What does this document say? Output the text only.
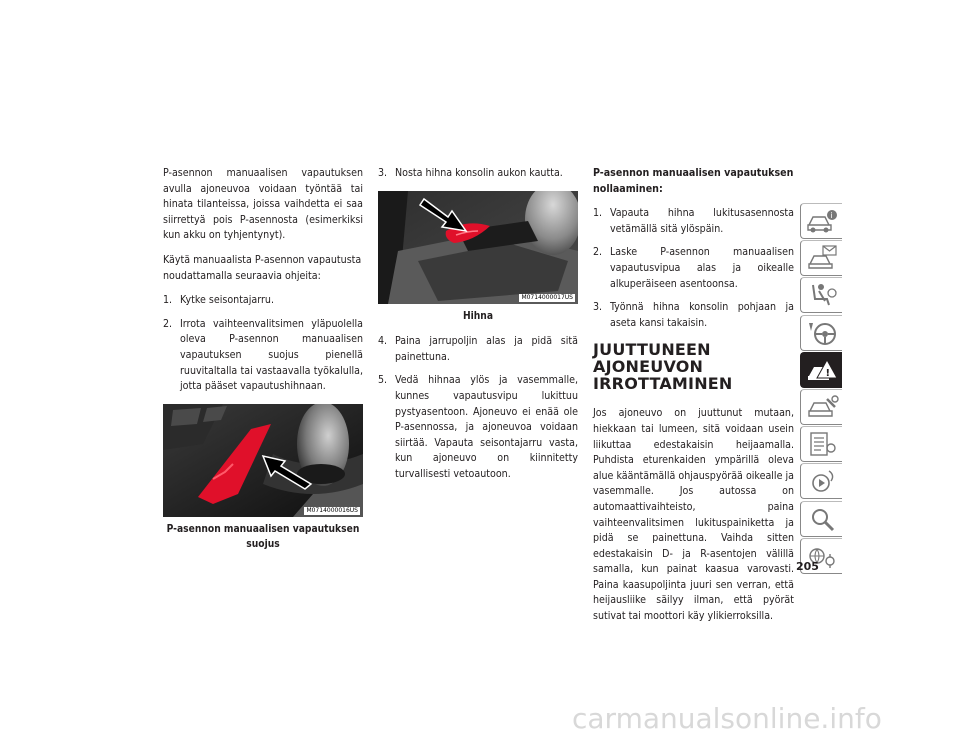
P-asennon manuaalisen vapautuksen avulla ajoneuvoa voidaan työntää tai hinata tilanteissa, joissa vaihdetta ei saa siirrettyä pois P-asennosta (esimerkiksi kun akku on tyhjentynyt).

Käytä manuaalista P-asennon vapautusta noudattamalla seuraavia ohjeita:

1. Kytke seisontajarru.
2. Irrota vaihteenvalitsimen yläpuolella oleva P-asennon manuaalisen vapautuksen suojus pienellä ruuvitaltalla tai vastaavalla työkalulla, jotta pääset vapautushihnaan.
M0714000016US
P-asennon manuaalisen vapautuksen suojus
3. Nosta hihna konsolin aukon kautta.
M0714000017US
Hihna
4. Paina jarrupoljin alas ja pidä sitä painettuna.
5. Vedä hihnaa ylös ja vasemmalle, kunnes vapautusvipu lukittuu pystyasentoon. Ajoneuvo ei enää ole P-asennossa, ja ajoneuvoa voidaan siirtää. Vapauta seisontajarru vasta, kun ajoneuvo on kiinnitetty turvallisesti vetoautoon.
P-asennon manuaalisen vapautuksen nollaaminen:
1. Vapauta hihna lukitusasennosta vetämällä sitä ylöspäin.
2. Laske P-asennon manuaalisen vapautusvipua alas ja oikealle alkuperäiseen asentoonsa.
3. Työnnä hihna konsolin pohjaan ja aseta kansi takaisin.
JUUTTUNEEN
AJONEUVON
IRROTTAMINEN

Jos ajoneuvo on juuttunut mutaan, hiekkaan tai lumeen, sitä voidaan usein liikuttaa edestakaisin heijaamalla. Puhdista eturenkaiden ympärillä oleva alue kääntämällä ohjauspyörää oikealle ja vasemmalle. Jos autossa on automaattivaihteisto, paina vaihteenvalitsimen lukituspainiketta ja pidä se painettuna. Vaihda sitten edestakaisin D- ja R-asentojen välillä samalla, kun painat kaasua varovasti. Paina kaasupoljinta juuri sen verran, että heijausliike säilyy ilman, että pyörät sutivat tai moottori käy ylikierroksilla.

i
!
205
carmanualsonline.info
